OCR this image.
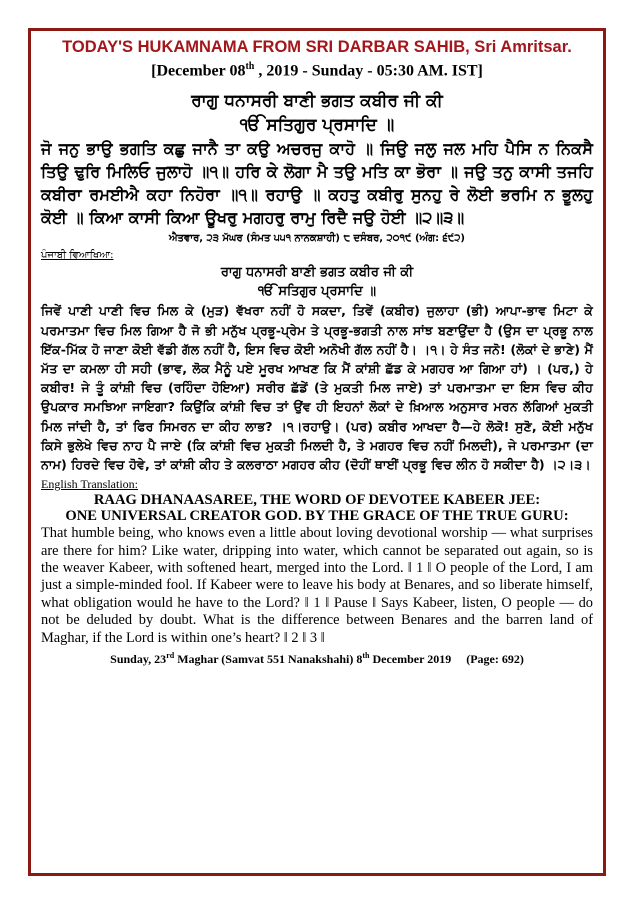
TODAY'S HUKAMNAMA FROM SRI DARBAR SAHIB, Sri Amritsar.
[December 08th , 2019 - Sunday - 05:30 AM. IST]
ਰਾਗੁ ਧਨਾਸਰੀ ਬਾਣੀ ਭਗਤ ਕਬੀਰ ਜੀ ਕੀ
ੴ ਸਤਿਗੁਰ ਪ੍ਰਸਾਦਿ ॥
ਜੋ ਜਨੁ ਭਾਉ ਭਗਤਿ ਕਛੁ ਜਾਨੈ ਤਾ ਕਉ ਅਚਰਜੁ ਕਾਹੋ ॥ ਜਿਉ ਜਲੁ ਜਲ ਮਹਿ ਪੈਸਿ ਨ ਨਿਕਸੈ ਤਿਉ ਢੁਰਿ ਮਿਲਿਓ ਜੁਲਾਹੋ ॥੧॥ ਹਰਿ ਕੇ ਲੋਗਾ ਮੈ ਤਉ ਮਤਿ ਕਾ ਭੋਰਾ ॥ ਜਉ ਤਨੁ ਕਾਸੀ ਤਜਹਿ ਕਬੀਰਾ ਰਮਈਐ ਕਹਾ ਨਿਹੋਰਾ ॥੧॥ ਰਹਾਉ ॥ ਕਹਤੁ ਕਬੀਰੁ ਸੁਨਹੁ ਰੇ ਲੋਈ ਭਰਮਿ ਨ ਭੂਲਹੁ ਕੋਈ ॥ ਕਿਆ ਕਾਸੀ ਕਿਆ ਊਖਰੁ ਮਗਹਰੁ ਰਾਮੁ ਰਿਦੈ ਜਉ ਹੋਈ ॥੨॥੩॥
ਐਤਵਾਰ, ੨੩ ਮੱਘਰ (ਸੰਮਤ ੫੫੧ ਨਾਨਕਸ਼ਾਹੀ) ੮ ਦਸੰਬਰ, ੨੦੧੯ (ਅੰਗ: ੬੯੨)
ਪੰਜਾਬੀ ਵਿਆਖਿਆ:
ਰਾਗੁ ਧਨਾਸਰੀ ਬਾਣੀ ਭਗਤ ਕਬੀਰ ਜੀ ਕੀ
ੴ ਸਤਿਗੁਰ ਪ੍ਰਸਾਦਿ ॥
ਜਿਵੇਂ ਪਾਣੀ ਪਾਣੀ ਵਿਚ ਮਿਲ ਕੇ (ਮੁੜ) ਵੱਖਰਾ ਨਹੀਂ ਹੋ ਸਕਦਾ, ਤਿਵੇਂ (ਕਬੀਰ) ਜੁਲਾਹਾ (ਭੀ) ਆਪਾ-ਭਾਵ ਮਿਟਾ ਕੇ ਪਰਮਾਤਮਾ ਵਿਚ ਮਿਲ ਗਿਆ ਹੈ ਜੋ ਭੀ ਮਨੁੱਖ ਪ੍ਰਭੂ-ਪ੍ਰੇਮ ਤੇ ਪ੍ਰਭੂ-ਭਗਤੀ ਨਾਲ ਸਾਂਝ ਬਣਾਉਂਦਾ ਹੈ (ਉਸ ਦਾ ਪ੍ਰਭੂ ਨਾਲ ਇੱਕ-ਮਿੱਕ ਹੋ ਜਾਣਾ ਕੋਈ ਵੱਡੀ ਗੱਲ ਨਹੀਂ ਹੈ, ਇਸ ਵਿਚ ਕੋਈ ਅਨੋਖੀ ਗੱਲ ਨਹੀਂ ਹੈ। ।੧। ਹੇ ਸੰਤ ਜਨੋ! (ਲੋਕਾਂ ਦੇ ਭਾਣੇ) ਮੈਂ ਮੱਤ ਦਾ ਕਮਲਾ ਹੀ ਸਹੀ (ਭਾਵ, ਲੋਕ ਮੈਨੂੰ ਪਏ ਮੂਰਖ ਆਖਣ ਕਿ ਮੈਂ ਕਾਂਸ਼ੀ ਛੱਡ ਕੇ ਮਗਹਰ ਆ ਗਿਆ ਹਾਂ) । (ਪਰ,) ਹੇ ਕਬੀਰ! ਜੇ ਤੂੰ ਕਾਂਸ਼ੀ ਵਿਚ (ਰਹਿੰਦਾ ਹੋਇਆ) ਸਰੀਰ ਛੱਡੇਂ (ਤੇ ਮੁਕਤੀ ਮਿਲ ਜਾਏ) ਤਾਂ ਪਰਮਾਤਮਾ ਦਾ ਇਸ ਵਿਚ ਕੀਹ ਉਪਕਾਰ ਸਮਝਿਆ ਜਾਇਗਾ? ਕਿਉਂਕਿ ਕਾਂਸ਼ੀ ਵਿਚ ਤਾਂ ਉਂਵ ਹੀ ਇਹਨਾਂ ਲੋਕਾਂ ਦੇ ਖ਼ਿਆਲ ਅਨੁਸਾਰ ਮਰਨ ਲੱਗਿਆਂ ਮੁਕਤੀ ਮਿਲ ਜਾਂਦੀ ਹੈ, ਤਾਂ ਫਿਰ ਸਿਮਰਨ ਦਾ ਕੀਹ ਲਾਭ? ।੧।ਰਹਾਉ। (ਪਰ) ਕਬੀਰ ਆਖਦਾ ਹੈ—ਹੇ ਲੋਕੋ! ਸੁਣੋ, ਕੋਈ ਮਨੁੱਖ ਕਿਸੇ ਭੁਲੇਖੇ ਵਿਚ ਨਾਹ ਪੈ ਜਾਏ (ਕਿ ਕਾਂਸ਼ੀ ਵਿਚ ਮੁਕਤੀ ਮਿਲਦੀ ਹੈ, ਤੇ ਮਗਹਰ ਵਿਚ ਨਹੀਂ ਮਿਲਦੀ), ਜੇ ਪਰਮਾਤਮਾ (ਦਾ ਨਾਮ) ਹਿਰਦੇ ਵਿਚ ਹੋਵੇ, ਤਾਂ ਕਾਂਸ਼ੀ ਕੀਹ ਤੇ ਕਲਰਾਠਾ ਮਗਹਰ ਕੀਹ (ਦੋਹੀਂ ਥਾਈਂ ਪ੍ਰਭੂ ਵਿਚ ਲੀਨ ਹੋ ਸਕੀਦਾ ਹੈ) ।੨।੩।
English Translation:
RAAG DHANAASAREE, THE WORD OF DEVOTEE KABEER JEE:
ONE UNIVERSAL CREATOR GOD. BY THE GRACE OF THE TRUE GURU:
That humble being, who knows even a little about loving devotional worship — what surprises are there for him? Like water, dripping into water, which cannot be separated out again, so is the weaver Kabeer, with softened heart, merged into the Lord. ‖ 1 ‖ O people of the Lord, I am just a simple-minded fool. If Kabeer were to leave his body at Benares, and so liberate himself, what obligation would he have to the Lord? ‖ 1 ‖ Pause ‖ Says Kabeer, listen, O people — do not be deluded by doubt. What is the difference between Benares and the barren land of Maghar, if the Lord is within one’s heart? ‖ 2 ‖ 3 ‖
Sunday, 23rd Maghar (Samvat 551 Nanakshahi) 8th December 2019 (Page: 692)
